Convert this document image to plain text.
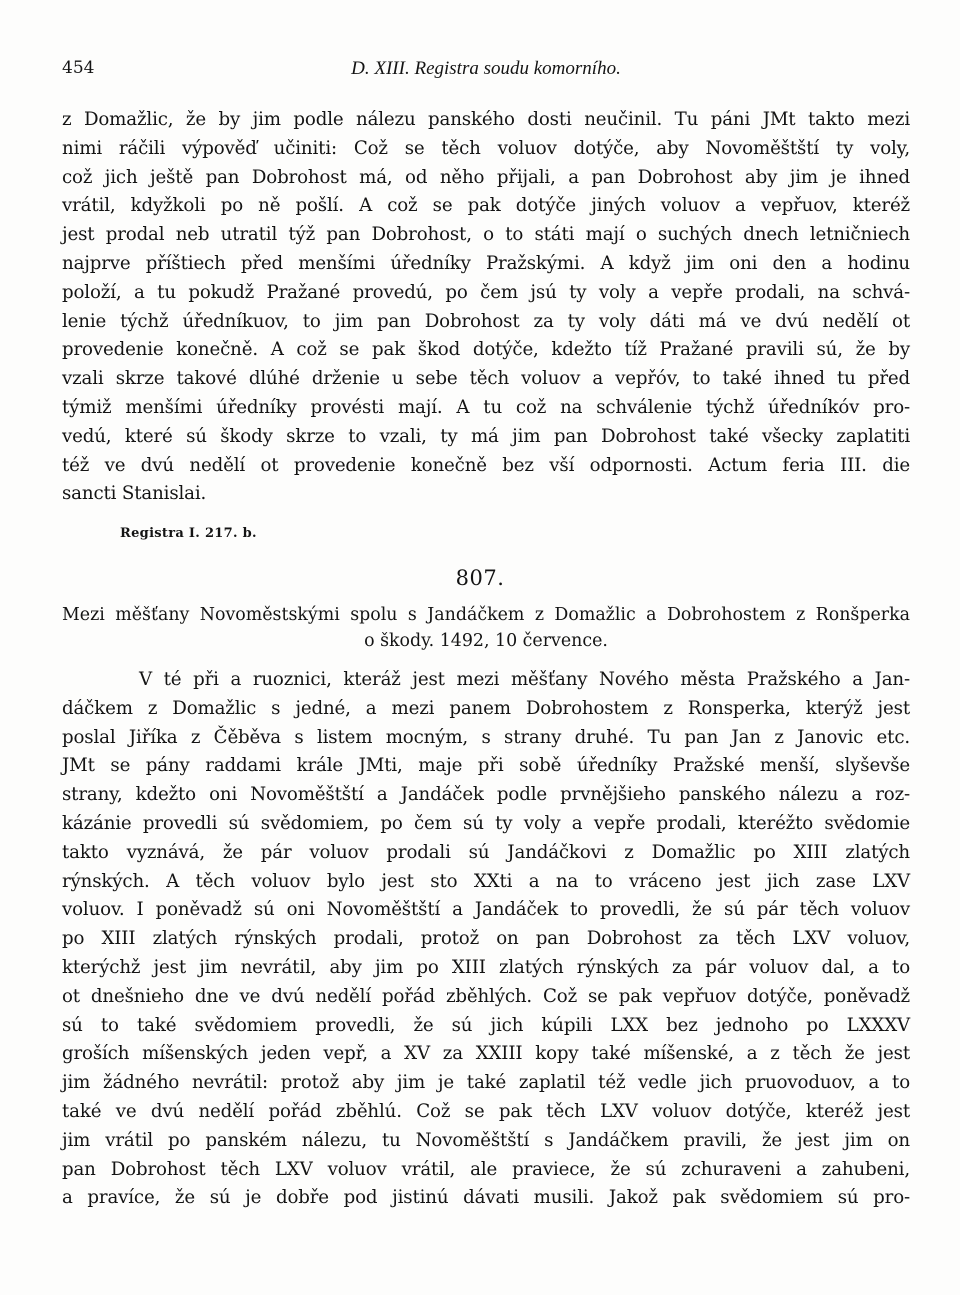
454	D. XIII. Registra soudu komorního.
z Domažlic, že by jim podle nálezu panského dosti neučinil. Tu páni JMt takto mezi
nimi ráčili výpověď učiniti: Což se těch voluov dotýče, aby Novoměštští ty voly,
což jich ještě pan Dobrohost má, od něho přijali, a pan Dobrohost aby jim je ihned
vrátil, kdyžkoli po ně pošlí. A což se pak dotýče jiných voluov a vepřuov, kteréž
jest prodal neb utratil týž pan Dobrohost, o to státi mají o suchých dnech letničniech
najprve příštiech před menšími úředníky Pražskými. A když jim oni den a hodinu
položí, a tu pokudž Pražané provedú, po čem jsú ty voly a vepře prodali, na schvá-
lenie týchž úředníkuov, to jim pan Dobrohost za ty voly dáti má ve dvú nedělí ot
provedenie konečně. A což se pak škod dotýče, kdežto tíž Pražané pravili sú, že by
vzali skrze takové dlúhé drženie u sebe těch voluov a vepřóv, to také ihned tu před
týmiž menšími úředníky provésti mají. A tu což na schválenie týchž úředníkóv pro-
vedú, které sú škody skrze to vzali, ty má jim pan Dobrohost také všecky zaplatiti
též ve dvú nedělí ot provedenie konečně bez vší odpornosti. Actum feria III. die
sancti Stanislai.
Registra I. 217. b.
807.
Mezi měšťany Novoměstskými spolu s Jandáčkem z Domažlic a Dobrohostem z Ronšperka
o škody. 1492, 10 července.
V té při a ruoznici, kteráž jest mezi měšťany Nového města Pražského a Jan-
dáčkem z Domažlic s jedné, a mezi panem Dobrohostem z Ronsperka, kterýž jest
poslal Jiříka z Čěběva s listem mocným, s strany druhé. Tu pan Jan z Janovic etc.
JMt se pány raddami krále JMti, maje při sobě úředníky Pražské menší, slyševše
strany, kdežto oni Novoměštští a Jandáček podle prvnějšieho panského nálezu a roz-
kázánie provedli sú svědomiem, po čem sú ty voly a vepře prodali, kteréžto svědomie
takto vyznává, že pár voluov prodali sú Jandáčkovi z Domažlic po XIII zlatých
rýnských. A těch voluov bylo jest sto XXti a na to vráceno jest jich zase LXV
voluov. I poněvadž sú oni Novoměštští a Jandáček to provedli, že sú pár těch voluov
po XIII zlatých rýnských prodali, protož on pan Dobrohost za těch LXV voluov,
kterýchž jest jim nevrátil, aby jim po XIII zlatých rýnských za pár voluov dal, a to
ot dnešnieho dne ve dvú nedělí pořád zběhlých. Což se pak vepřuov dotýče, poněvadž
sú to také svědomiem provedli, že sú jich kúpili LXX bez jednoho po LXXXV
groších míšenských jeden vepř, a XV za XXIII kopy také míšenské, a z těch že jest
jim žádného nevrátil: protož aby jim je také zaplatil též vedle jich pruovoduov, a to
také ve dvú nedělí pořád zběhlú. Což se pak těch LXV voluov dotýče, kteréž jest
jim vrátil po panském nálezu, tu Novoměštští s Jandáčkem pravili, že jest jim on
pan Dobrohost těch LXV voluov vrátil, ale praviece, že sú zchuraveni a zahubeni,
a pravíce, že sú je dobře pod jistinú dávati musili. Jakož pak svědomiem sú pro-
